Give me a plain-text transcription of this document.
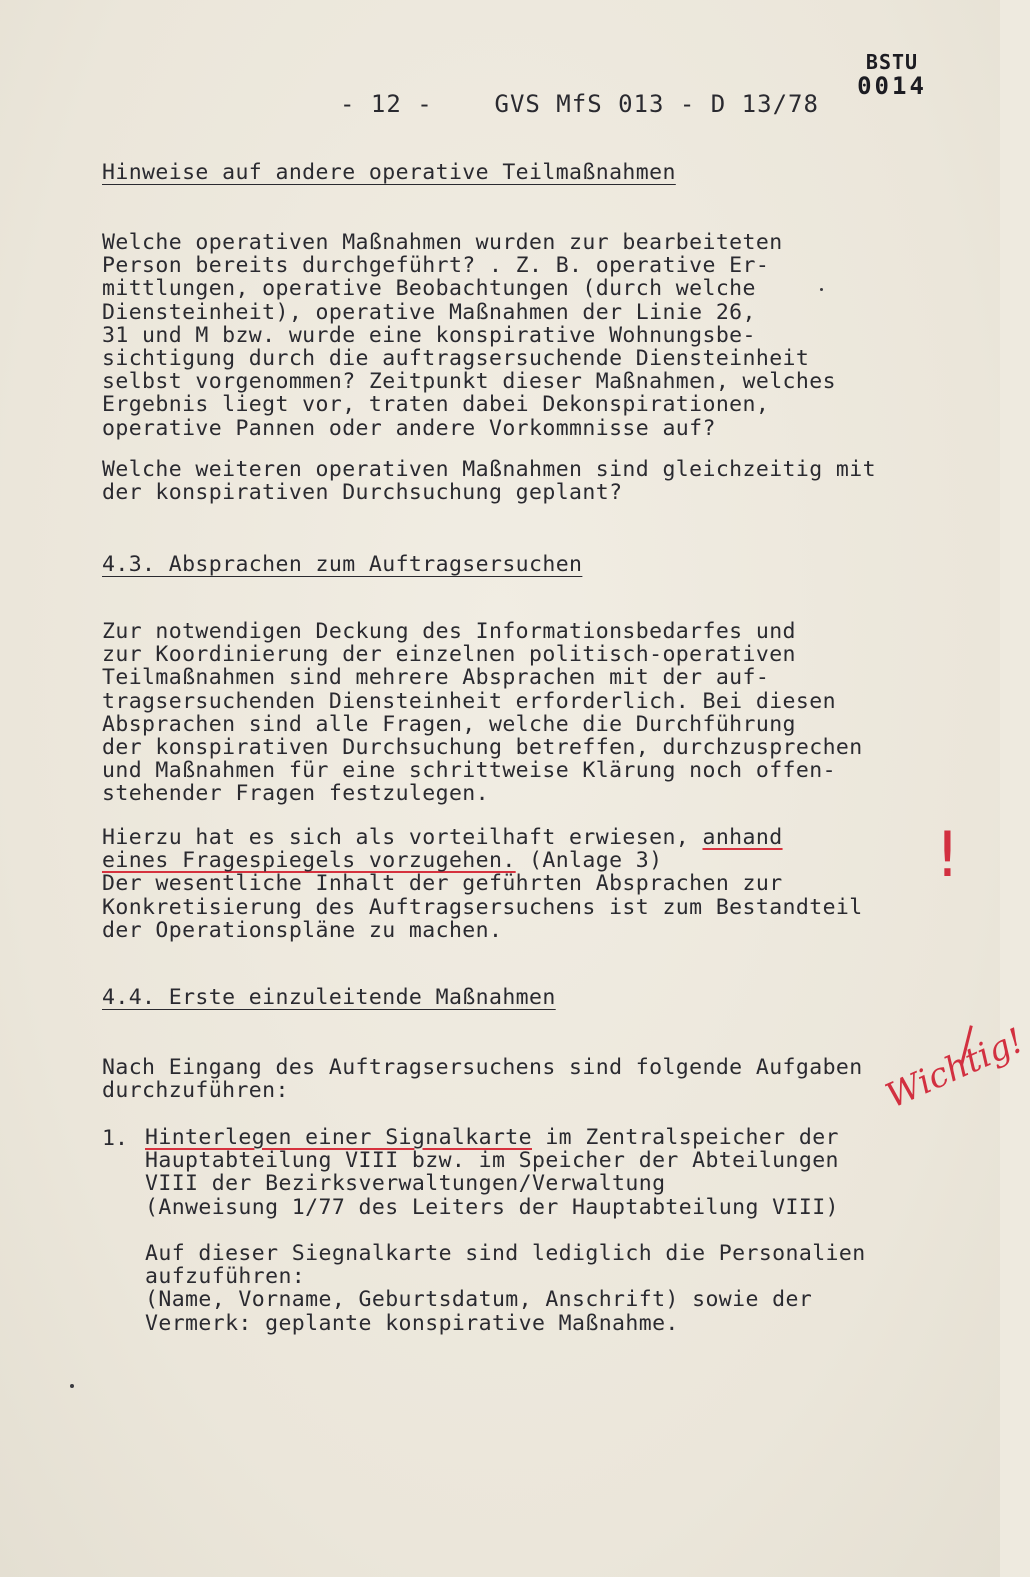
BSTU
0014
- 12 -    GVS MfS 013 - D 13/78
Hinweise auf andere operative Teilmaßnahmen
Welche operativen Maßnahmen wurden zur bearbeiteten
Person bereits durchgeführt? . Z. B. operative Er-
mittlungen, operative Beobachtungen (durch welche
Diensteinheit), operative Maßnahmen der Linie 26,
31 und M bzw. wurde eine konspirative Wohnungsbe-
sichtigung durch die auftragsersuchende Diensteinheit
selbst vorgenommen? Zeitpunkt dieser Maßnahmen, welches
Ergebnis liegt vor, traten dabei Dekonspirationen,
operative Pannen oder andere Vorkommnisse auf?
Welche weiteren operativen Maßnahmen sind gleichzeitig mit
der konspirativen Durchsuchung geplant?
4.3. Absprachen zum Auftragsersuchen
Zur notwendigen Deckung des Informationsbedarfes und
zur Koordinierung der einzelnen politisch-operativen
Teilmaßnahmen sind mehrere Absprachen mit der auf-
tragsersuchenden Diensteinheit erforderlich. Bei diesen
Absprachen sind alle Fragen, welche die Durchführung
der konspirativen Durchsuchung betreffen, durchzusprechen
und Maßnahmen für eine schrittweise Klärung noch offen-
stehender Fragen festzulegen.
Hierzu hat es sich als vorteilhaft erwiesen, anhand
eines Fragespiegels vorzugehen. (Anlage 3)
Der wesentliche Inhalt der geführten Absprachen zur
Konkretisierung des Auftragsersuchens ist zum Bestandteil
der Operationspläne zu machen.
!
4.4. Erste einzuleitende Maßnahmen
Nach Eingang des Auftragsersuchens sind folgende Aufgaben
durchzuführen:
1. Hinterlegen einer Signalkarte im Zentralspeicher der
Hauptabteilung VIII bzw. im Speicher der Abteilungen
VIII der Bezirksverwaltungen/Verwaltung
(Anweisung 1/77 des Leiters der Hauptabteilung VIII)
Auf dieser Siegnalkarte sind lediglich die Personalien
aufzuführen:
(Name, Vorname, Geburtsdatum, Anschrift) sowie der
Vermerk: geplante konspirative Maßnahme.
Wichtig!
